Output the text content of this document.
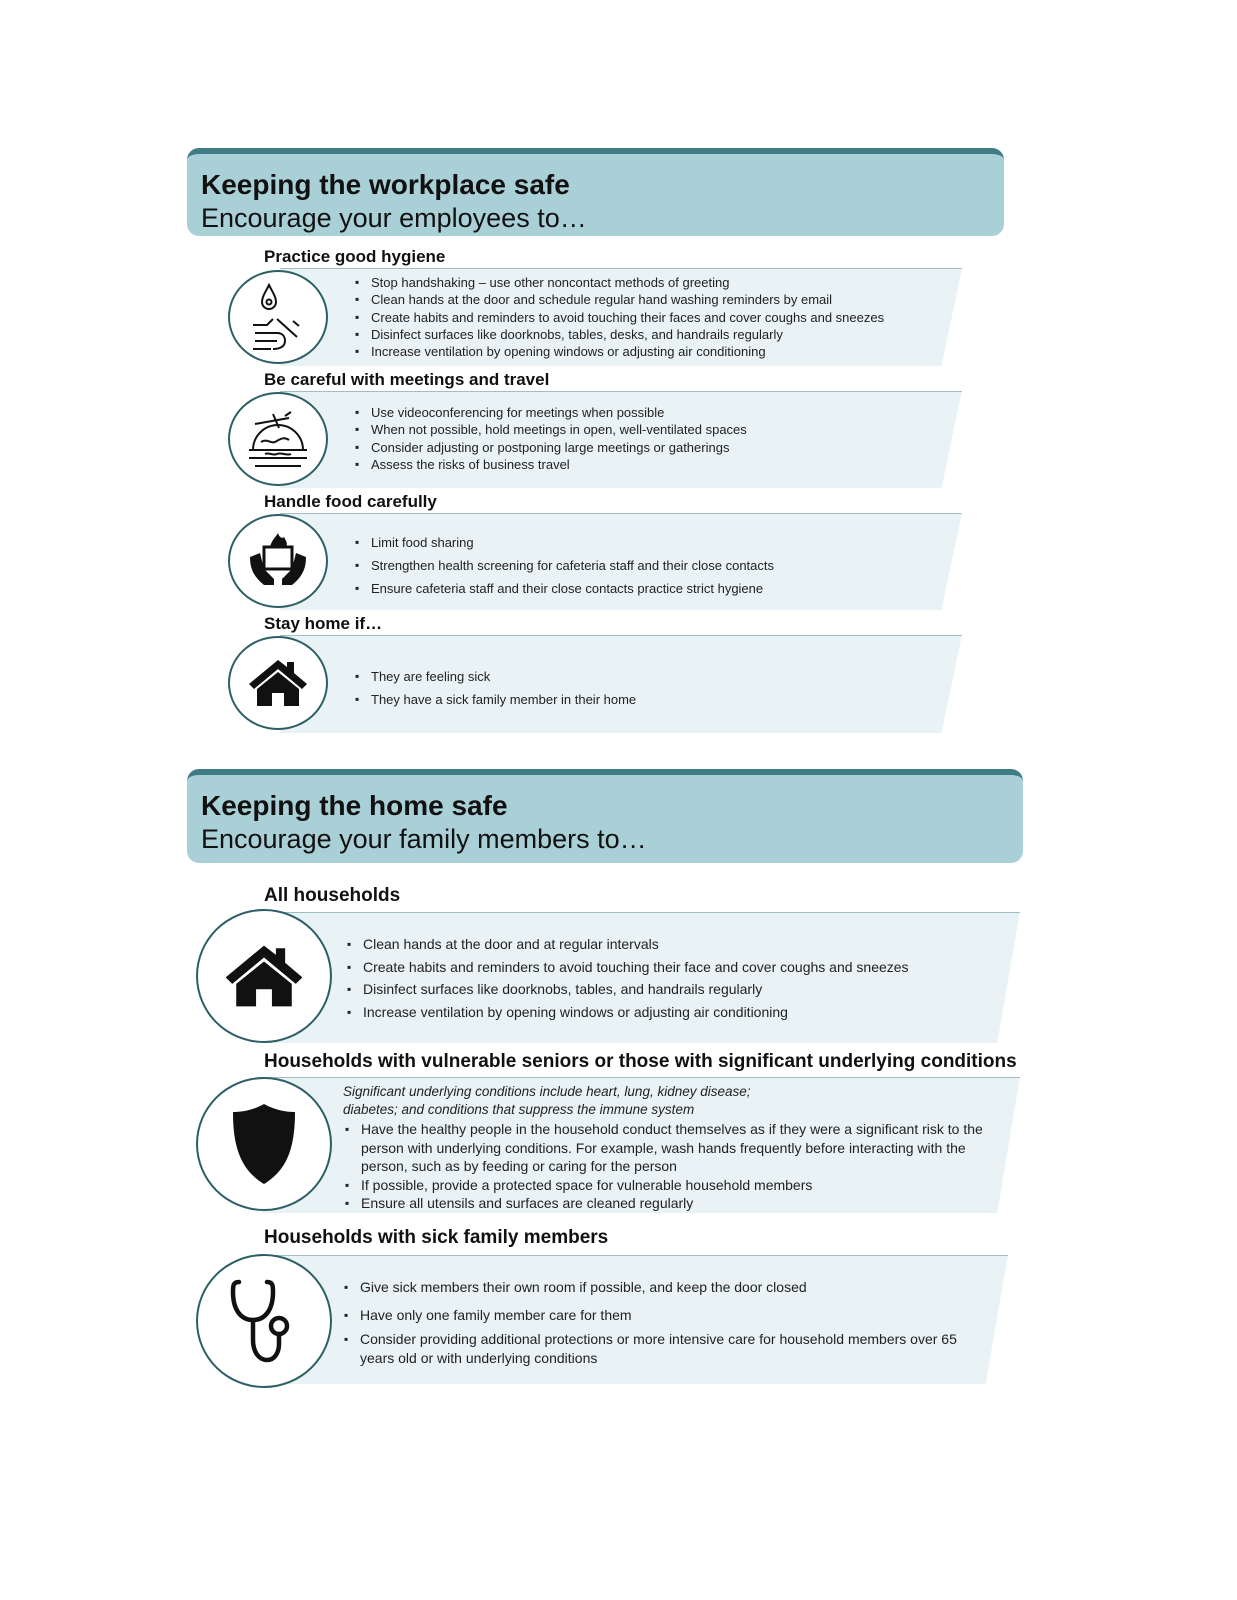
Keeping the workplace safe
Encourage your employees to…
Practice good hygiene
▪ Stop handshaking – use other noncontact methods of greeting
▪ Clean hands at the door and schedule regular hand washing reminders by email
▪ Create habits and reminders to avoid touching their faces and cover coughs and sneezes
▪ Disinfect surfaces like doorknobs, tables, desks, and handrails regularly
▪ Increase ventilation by opening windows or adjusting air conditioning
Be careful with meetings and travel
▪ Use videoconferencing for meetings when possible
▪ When not possible, hold meetings in open, well-ventilated spaces
▪ Consider adjusting or postponing large meetings or gatherings
▪ Assess the risks of business travel
Handle food carefully
▪ Limit food sharing
▪ Strengthen health screening for cafeteria staff and their close contacts
▪ Ensure cafeteria staff and their close contacts practice strict hygiene
Stay home if…
▪ They are feeling sick
▪ They have a sick family member in their home
Keeping the home safe
Encourage your family members to…
All households
▪ Clean hands at the door and at regular intervals
▪ Create habits and reminders to avoid touching their face and cover coughs and sneezes
▪ Disinfect surfaces like doorknobs, tables, and handrails regularly
▪ Increase ventilation by opening windows or adjusting air conditioning
Households with vulnerable seniors or those with significant underlying conditions

Significant underlying conditions include heart, lung, kidney disease;

diabetes; and conditions that suppress the immune system

▪ Have the healthy people in the household conduct themselves as if they were a significant risk to the person with underlying conditions. For example, wash hands frequently before interacting with the person, such as by feeding or caring for the person
▪ If possible, provide a protected space for vulnerable household members
▪ Ensure all utensils and surfaces are cleaned regularly
Households with sick family members
▪ Give sick members their own room if possible, and keep the door closed
▪ Have only one family member care for them
▪ Consider providing additional protections or more intensive care for household members over 65 years old or with underlying conditions
